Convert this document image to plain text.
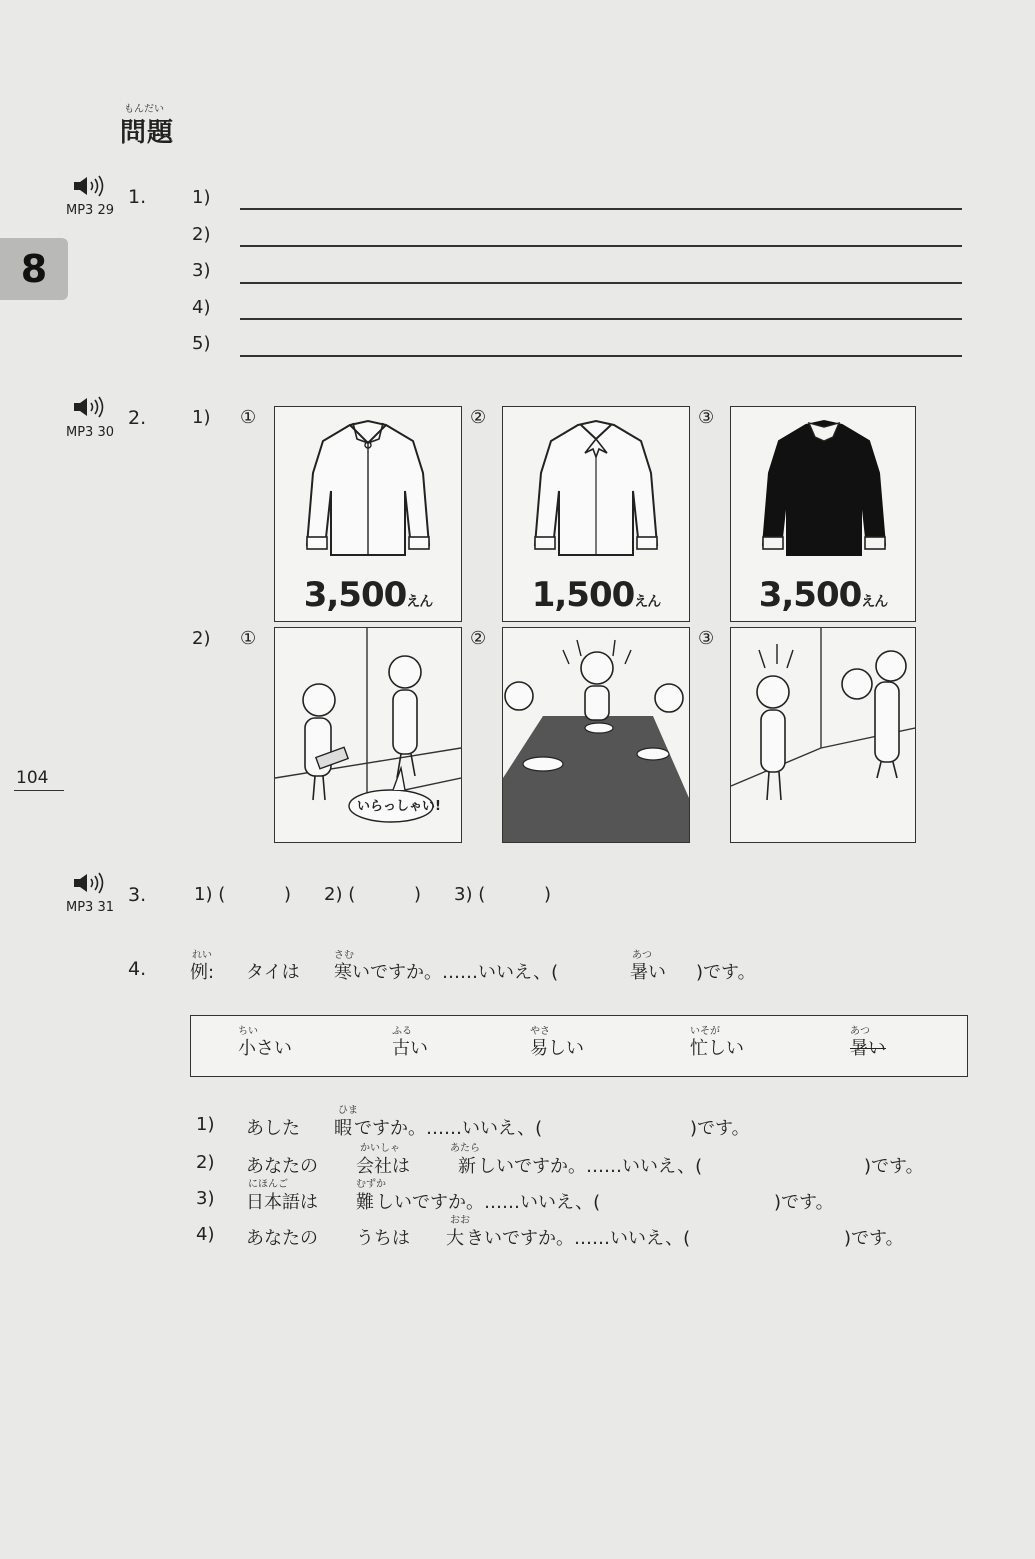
もんだい
問題
8
104
MP3 29
1.	1)
2)
3)
4)
5)
MP3 30
2.	1) ①	②	③
3,500えん	1,500えん	3,500えん
2) ①	②	③
いらっしゃい!
MP3 31
3.	1) (	) 2) (	) 3) (	)
4.
れい
例: タイは
さむ
寒 いですか。……いいえ、(
あつ
暑い )です。
ちい
小さい
ふる
古い
やさ
易しい
いそが
忙しい
あつ
暑い
1) あした
ひま
暇 ですか。……いいえ、(	)です。
2) あなたの
かいしゃ
会社は
あたら
新 しいですか。……いいえ、(	)です。
3)
にほんご
日本語は
むずか
難 しいですか。……いいえ、(	)です。
4) あなたの うちは
おお
大 きいですか。……いいえ、(	)です。
